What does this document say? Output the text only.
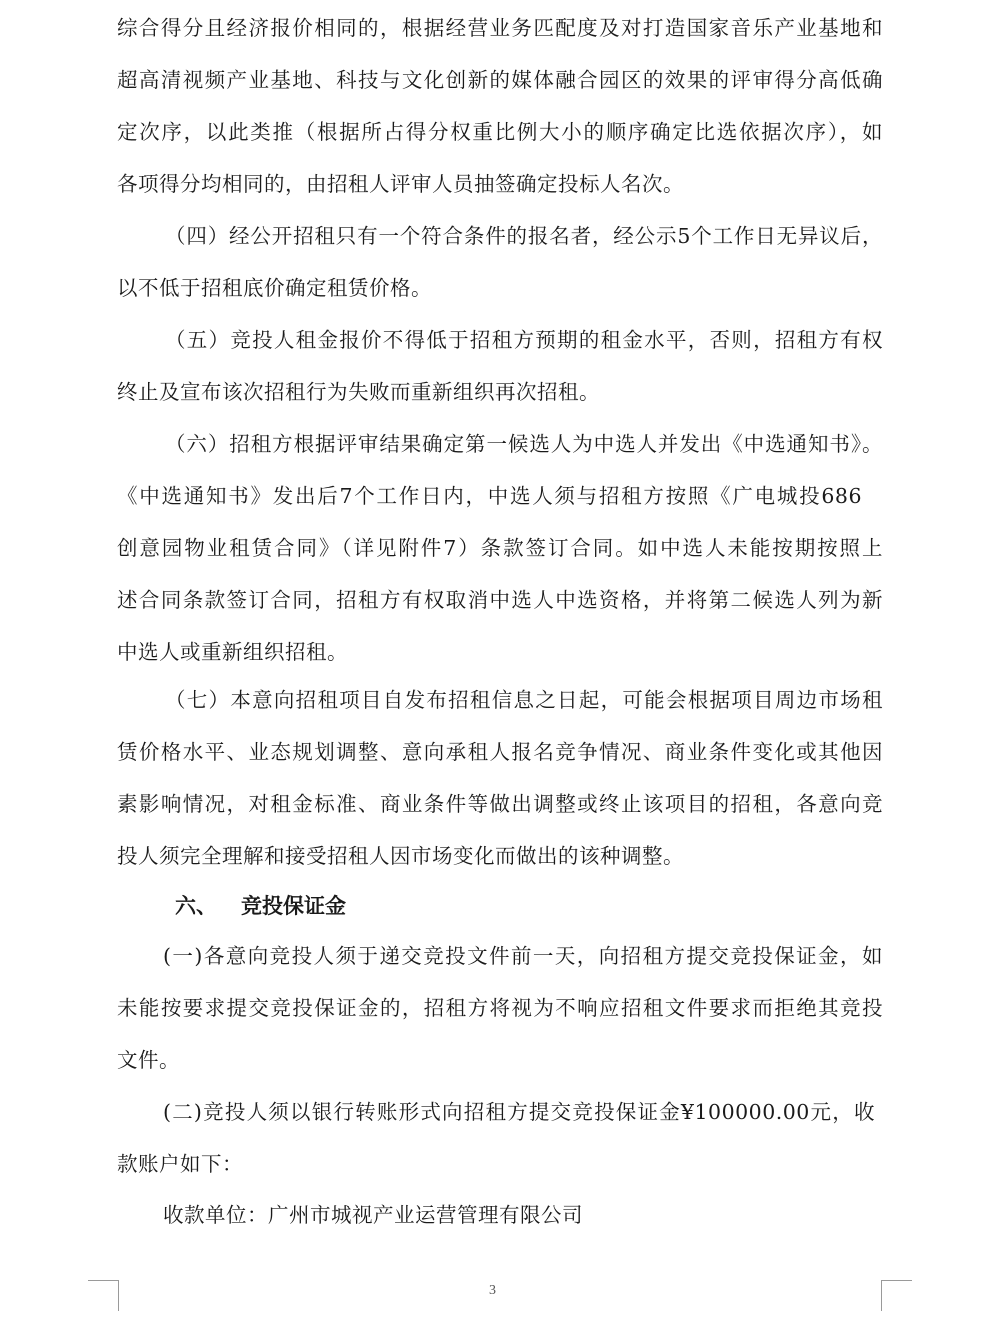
综合得分且经济报价相同的，根据经营业务匹配度及对打造国家音乐产业基地和
超高清视频产业基地、科技与文化创新的媒体融合园区的效果的评审得分高低确
定次序，以此类推（根据所占得分权重比例大小的顺序确定比选依据次序），如
各项得分均相同的，由招租人评审人员抽签确定投标人名次。
（四）经公开招租只有一个符合条件的报名者，经公示5个工作日无异议后，
以不低于招租底价确定租赁价格。
（五）竞投人租金报价不得低于招租方预期的租金水平，否则，招租方有权
终止及宣布该次招租行为失败而重新组织再次招租。
（六）招租方根据评审结果确定第一候选人为中选人并发出《中选通知书》。
《中选通知书》发出后7个工作日内，中选人须与招租方按照《广电城投686
创意园物业租赁合同》（详见附件7）条款签订合同。如中选人未能按期按照上
述合同条款签订合同，招租方有权取消中选人中选资格，并将第二候选人列为新
中选人或重新组织招租。
（七）本意向招租项目自发布招租信息之日起，可能会根据项目周边市场租
赁价格水平、业态规划调整、意向承租人报名竞争情况、商业条件变化或其他因
素影响情况，对租金标准、商业条件等做出调整或终止该项目的招租，各意向竞
投人须完全理解和接受招租人因市场变化而做出的该种调整。
六、 竞投保证金
(一)各意向竞投人须于递交竞投文件前一天，向招租方提交竞投保证金，如
未能按要求提交竞投保证金的，招租方将视为不响应招租文件要求而拒绝其竞投
文件。
(二)竞投人须以银行转账形式向招租方提交竞投保证金¥100000.00元，收
款账户如下：
收款单位：广州市城视产业运营管理有限公司
3
